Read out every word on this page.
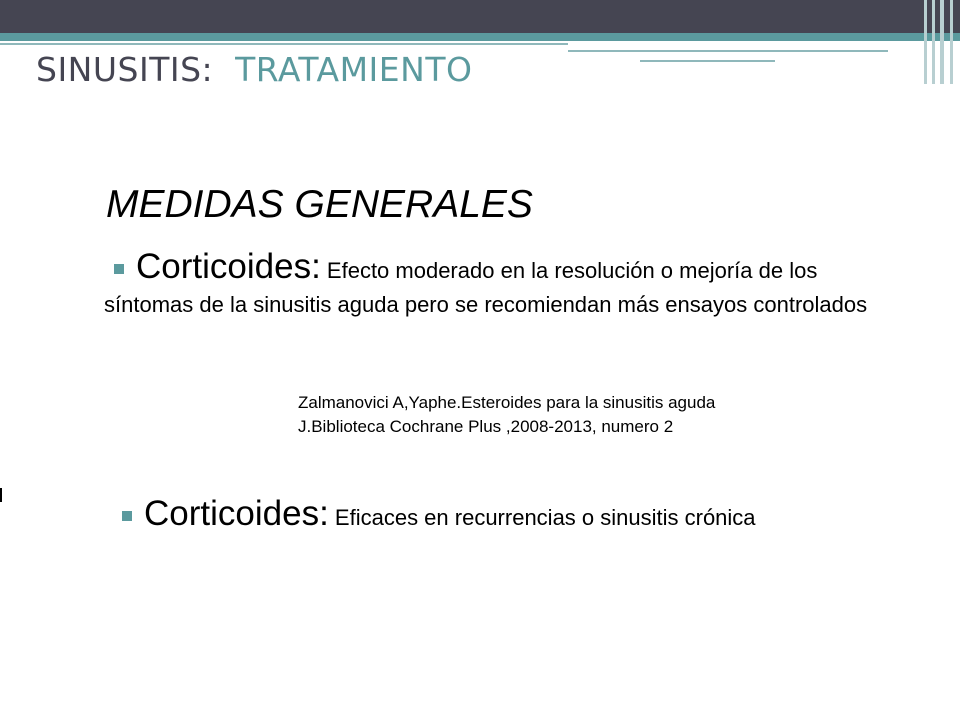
SINUSITIS: TRATAMIENTO
MEDIDAS GENERALES
Corticoides: Efecto moderado en la resolución o mejoría de los síntomas de la sinusitis aguda pero se recomiendan más ensayos controlados
Zalmanovici A,Yaphe.Esteroides para la sinusitis aguda
J.Biblioteca Cochrane Plus ,2008-2013, numero 2
Corticoides: Eficaces en recurrencias o sinusitis crónica
